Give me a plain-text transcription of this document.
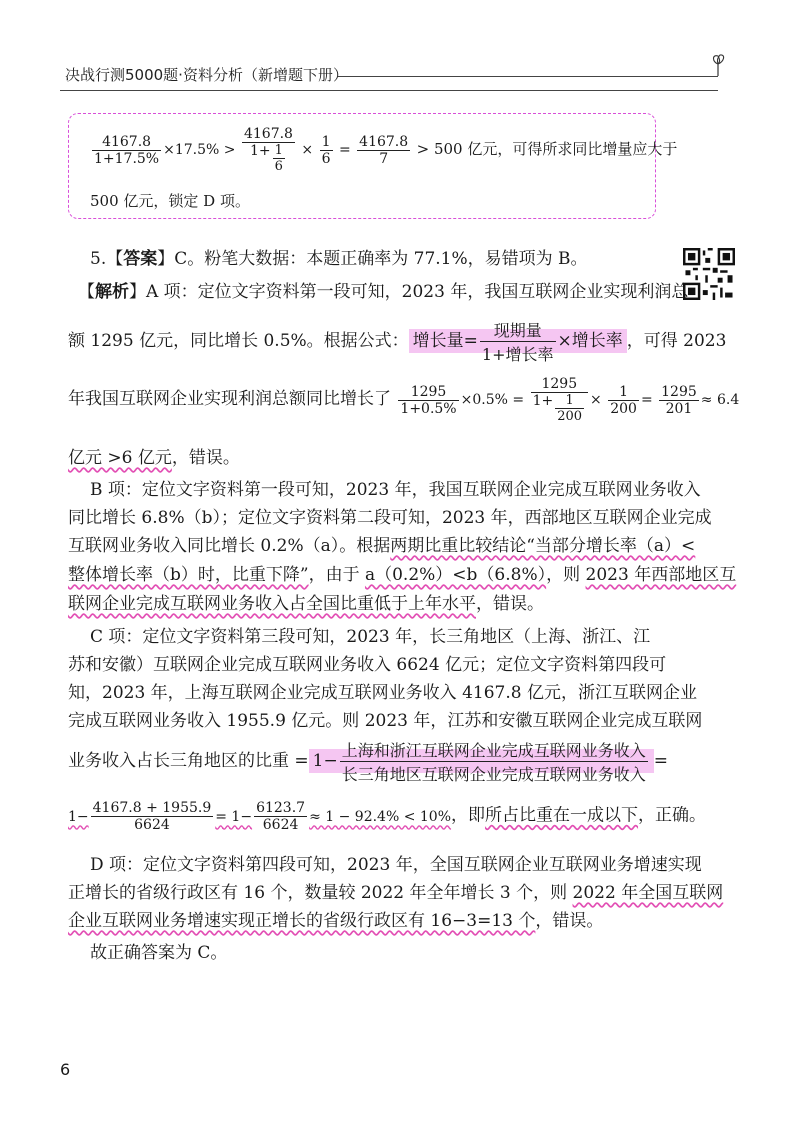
决战行测5000题·资料分析（新增题下册）
$\frac{4167.8}{1+17.5\%} \times 17.5\% > \frac{4167.8}{1+ \frac{1}{6}} \times \frac{1}{6} = \frac{4167.8}{7} > 500$ 亿元，可得所求同比增量应大于
500 亿元，锁定 D 项。
5.【答案】C。粉笔大数据：本题正确率为 77.1%，易错项为 B。
【解析】A 项：定位文字资料第一段可知，2023 年，我国互联网企业实现利润总
额 1295 亿元，同比增长 0.5%。根据公式： 增长量= $\frac{\text{现期量}}{\text{1+增长率}}$ ×增长率 ，可得 2023
年我国互联网企业实现利润总额同比增长了 $\frac{1295}{1+0.5\%} \times 0.5\% = \frac{1295}{1+ \frac{1}{200}} \times \frac{1}{200} = \frac{1295}{201} \approx 6.4$
亿元 >6 亿元，错误。
B 项：定位文字资料第一段可知，2023 年，我国互联网企业完成互联网业务收入
同比增长 6.8%（b）；定位文字资料第二段可知，2023 年，西部地区互联网企业完成
互联网业务收入同比增长 0.2%（a）。根据两期比重比较结论“当部分增长率（a）<
整体增长率（b）时，比重下降”，由于 a（0.2%）<b（6.8%），则 2023 年西部地区互
联网企业完成互联网业务收入占全国比重低于上年水平，错误。
C 项：定位文字资料第三段可知，2023 年，长三角地区（上海、浙江、江
苏和安徽）互联网企业完成互联网业务收入 6624 亿元；定位文字资料第四段可
知，2023 年，上海互联网企业完成互联网业务收入 4167.8 亿元，浙江互联网企业
完成互联网业务收入 1955.9 亿元。则 2023 年，江苏和安徽互联网企业完成互联网
业务收入占长三角地区的比重 = $1- \frac{\text{上海和浙江互联网企业完成互联网业务收入}}{\text{长三角地区互联网企业完成互联网业务收入}}$ =
$1- \frac{4167.8 + 1955.9}{6624} = 1- \frac{6123.7}{6624} \approx 1 - 92.4\% < 10\%$，即所占比重在一成以下，正确。
D 项：定位文字资料第四段可知，2023 年，全国互联网企业互联网业务增速实现
正增长的省级行政区有 16 个，数量较 2022 年全年增长 3 个，则 2022 年全国互联网
企业互联网业务增速实现正增长的省级行政区有 16−3=13 个，错误。
故正确答案为 C。
6
